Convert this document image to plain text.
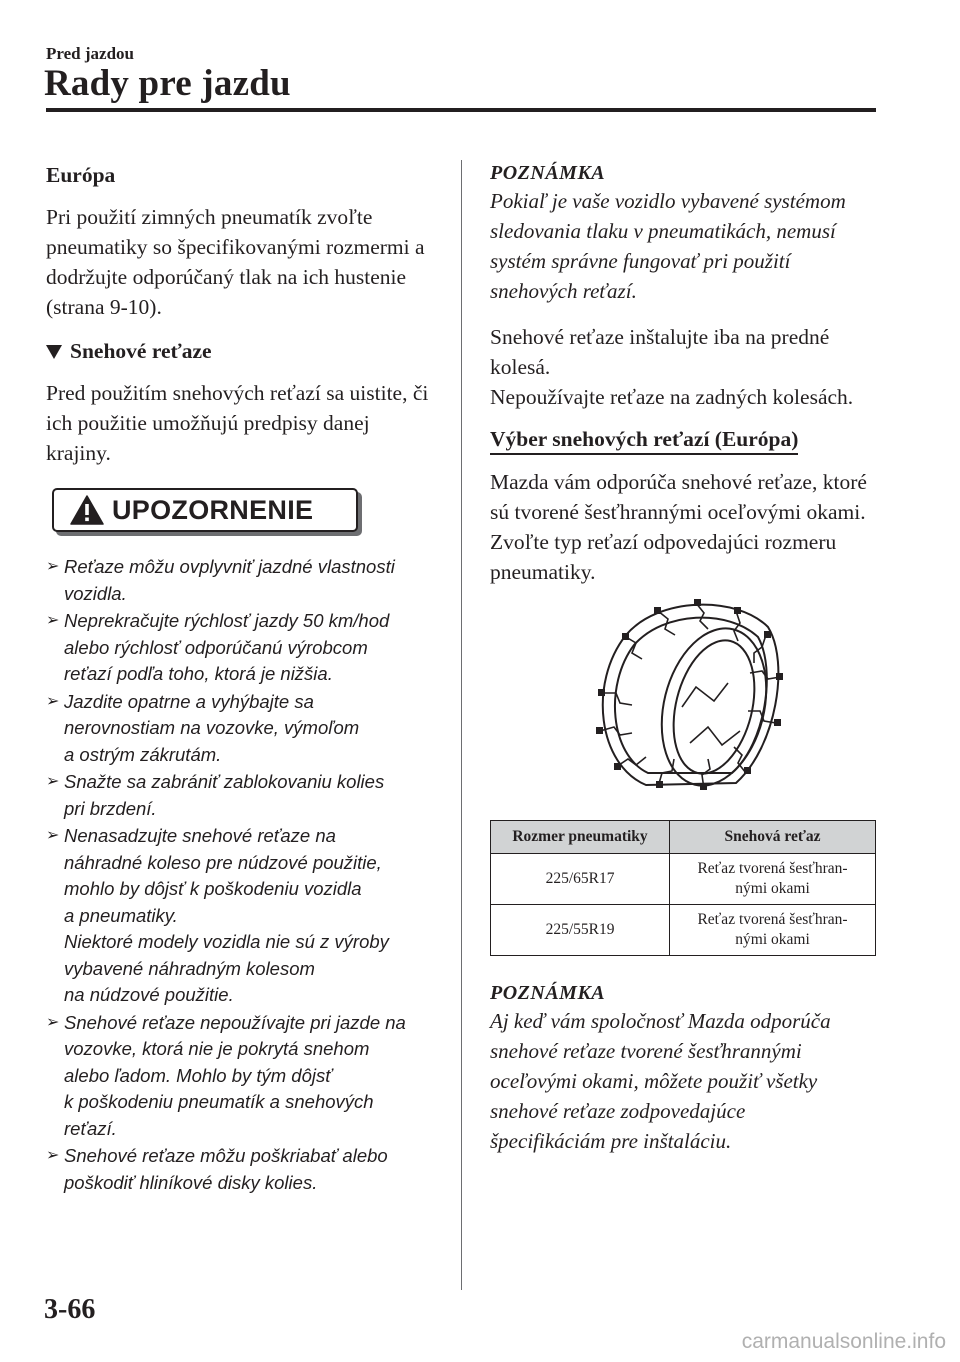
Pred jazdou
Rady pre jazdu

Európa

Pri použití zimných pneumatík zvoľte pneumatiky so špecifikovanými rozmermi a dodržujte odporúčaný tlak na ich hustenie (strana 9-10).

Snehové reťaze

Pred použitím snehových reťazí sa uistite, či ich použitie umožňujú predpisy danej krajiny.

UPOZORNENIE
➢ Reťaze môžu ovplyvniť jazdné vlastnosti
vozidla.
➢ Neprekračujte rýchlosť jazdy 50 km/hod
alebo rýchlosť odporúčanú výrobcom
reťazí podľa toho, ktorá je nižšia.
➢ Jazdite opatrne a vyhýbajte sa
nerovnostiam na vozovke, výmoľom
a ostrým zákrutám.
➢ Snažte sa zabrániť zablokovaniu kolies
pri brzdení.
➢ Nenasadzujte snehové reťaze na
náhradné koleso pre núdzové použitie,
mohlo by dôjsť k poškodeniu vozidla
a pneumatiky.
Niektoré modely vozidla nie sú z výroby
vybavené náhradným kolesom
na núdzové použitie.
➢ Snehové reťaze nepoužívajte pri jazde na
vozovke, ktorá nie je pokrytá snehom
alebo ľadom. Mohlo by tým dôjsť
k poškodeniu pneumatík a snehových
reťazí.
➢ Snehové reťaze môžu poškriabať alebo
poškodiť hliníkové disky kolies.

POZNÁMKA

Pokiaľ je vaše vozidlo vybavené systémom
sledovania tlaku v pneumatikách, nemusí
systém správne fungovať pri použití
snehových reťazí.

Snehové reťaze inštalujte iba na predné kolesá.

Nepoužívajte reťaze na zadných kolesách.

Výber snehových reťazí (Európa)

Mazda vám odporúča snehové reťaze, ktoré sú tvorené šesťhrannými oceľovými okami. Zvoľte typ reťazí odpovedajúci rozmeru pneumatiky.

Rozmer pneumatiky	Snehová reťaz
225/65R17	Reťaz tvorená šesťhran-
nými okami
225/55R19	Reťaz tvorená šesťhran-
nými okami

POZNÁMKA

Aj keď vám spoločnosť Mazda odporúča
snehové reťaze tvorené šesťhrannými
oceľovými okami, môžete použiť všetky
snehové reťaze zodpovedajúce
špecifikáciám pre inštaláciu.

3-66
carmanualsonline.info
